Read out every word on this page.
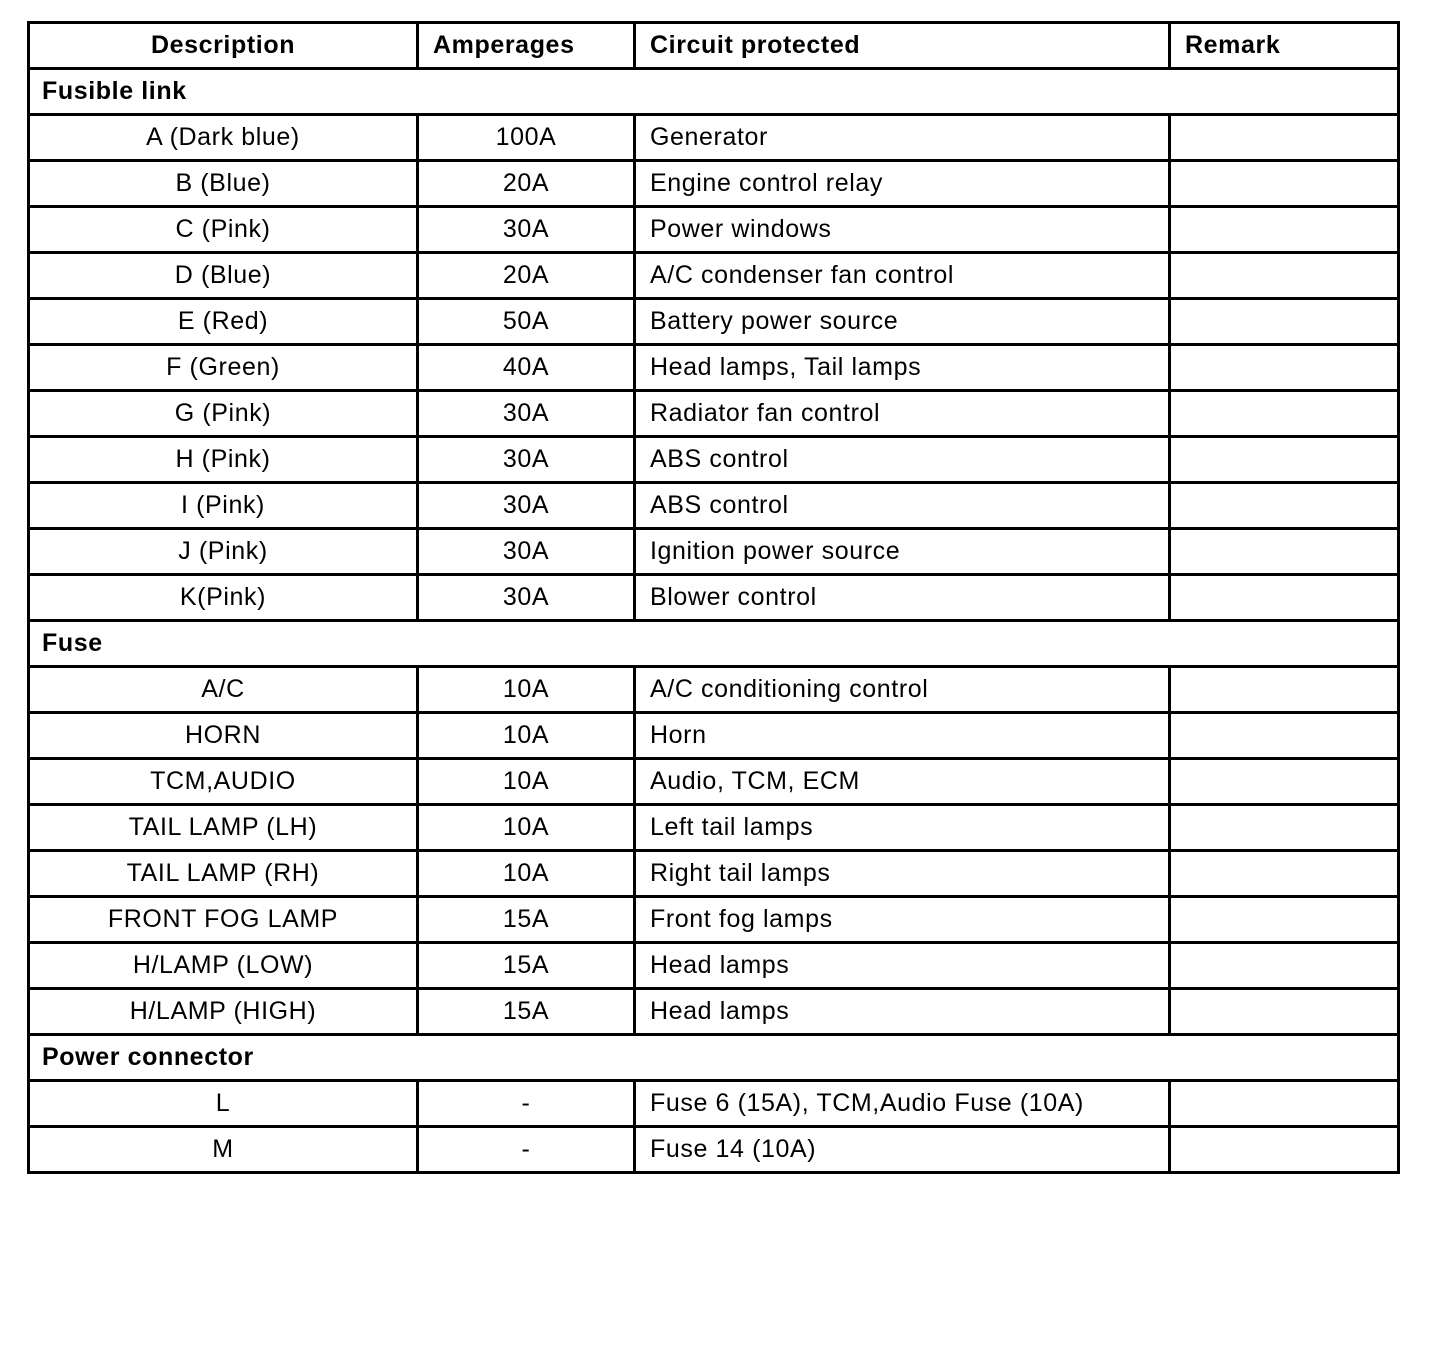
Description	Amperages	Circuit protected	Remark
Fusible link			
A (Dark blue)	100A	Generator	
B (Blue)	20A	Engine control relay	
C (Pink)	30A	Power windows	
D (Blue)	20A	A/C condenser fan control	
E (Red)	50A	Battery power source	
F (Green)	40A	Head lamps, Tail lamps	
G (Pink)	30A	Radiator fan control	
H (Pink)	30A	ABS control	
I (Pink)	30A	ABS control	
J (Pink)	30A	Ignition power source	
K(Pink)	30A	Blower control	
Fuse			
A/C	10A	A/C conditioning control	
HORN	10A	Horn	
TCM,AUDIO	10A	Audio, TCM, ECM	
TAIL LAMP (LH)	10A	Left tail lamps	
TAIL LAMP (RH)	10A	Right tail lamps	
FRONT FOG LAMP	15A	Front fog lamps	
H/LAMP (LOW)	15A	Head lamps	
H/LAMP (HIGH)	15A	Head lamps	
Power connector			
L	-	Fuse 6 (15A), TCM,Audio Fuse (10A)	
M	-	Fuse 14 (10A)	
